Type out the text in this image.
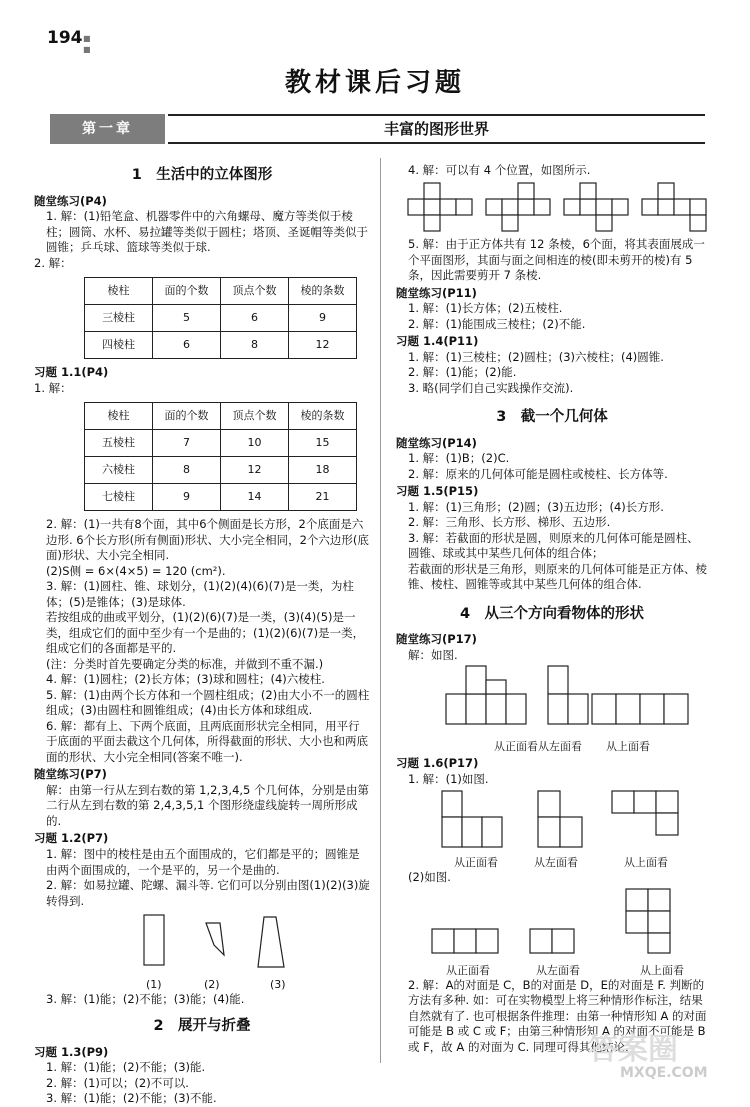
194 ■
■
教材课后习题
第一章	丰富的图形世界
1　生活中的立体图形

随堂练习(P4)

1. 解：(1)铅笔盒、机器零件中的六角螺母、魔方等类似于棱柱；圆筒、水杯、易拉罐等类似于圆柱；塔顶、圣诞帽等类似于圆锥；乒乓球、篮球等类似于球.

2. 解：

棱柱	面的个数	顶点个数	棱的条数
三棱柱	5	6	9
四棱柱	6	8	12

习题 1.1(P4)

1. 解：

棱柱	面的个数	顶点个数	棱的条数
五棱柱	7	10	15
六棱柱	8	12	18
七棱柱	9	14	21

2. 解：(1)一共有8个面，其中6个侧面是长方形，2个底面是六边形. 6个长方形(所有侧面)形状、大小完全相同，2个六边形(底面)形状、大小完全相同.

(2)S侧 = 6×(4×5) = 120 (cm²).

3. 解：(1)圆柱、锥、球划分，(1)(2)(4)(6)(7)是一类，为柱体；(5)是锥体；(3)是球体.

若按组成的曲或平划分，(1)(2)(6)(7)是一类，(3)(4)(5)是一类，组成它们的面中至少有一个是曲的；(1)(2)(6)(7)是一类，组成它们的各面都是平的.

(注：分类时首先要确定分类的标准，并做到不重不漏.)

4. 解：(1)圆柱；(2)长方体；(3)球和圆柱；(4)六棱柱.

5. 解：(1)由两个长方体和一个圆柱组成；(2)由大小不一的圆柱组成；(3)由圆柱和圆锥组成；(4)由长方体和球组成.

6. 解：都有上、下两个底面，且两底面形状完全相同，用平行于底面的平面去截这个几何体，所得截面的形状、大小也和两底面的形状、大小完全相同(答案不唯一).

随堂练习(P7)

解：由第一行从左到右数的第 1,2,3,4,5 个几何体，分别是由第二行从左到右数的第 2,4,3,5,1 个图形绕虚线旋转一周所形成的.

习题 1.2(P7)

1. 解：图中的棱柱是由五个面围成的，它们都是平的；圆锥是由两个面围成的，一个是平的，另一个是曲的.

2. 解：如易拉罐、陀螺、漏斗等. 它们可以分别由图(1)(2)(3)旋转得到.

(1)	(2)	(3)

3. 解：(1)能；(2)不能；(3)能；(4)能.

2　展开与折叠

习题 1.3(P9)

1. 解：(1)能；(2)不能；(3)能.

2. 解：(1)可以；(2)不可以.

3. 解：(1)能；(2)不能；(3)不能.

4. 解：可以有 4 个位置，如图所示.

5. 解：由于正方体共有 12 条棱，6个面，将其表面展成一个平面图形，其面与面之间相连的棱(即未剪开的棱)有 5 条，因此需要剪开 7 条棱.

随堂练习(P11)

1. 解：(1)长方体；(2)五棱柱.

2. 解：(1)能围成三棱柱；(2)不能.

习题 1.4(P11)

1. 解：(1)三棱柱；(2)圆柱；(3)六棱柱；(4)圆锥.

2. 解：(1)能；(2)能.

3. 略(同学们自己实践操作交流).

3　截一个几何体

随堂练习(P14)

1. 解：(1)B；(2)C.

2. 解：原来的几何体可能是圆柱或棱柱、长方体等.

习题 1.5(P15)

1. 解：(1)三角形；(2)圆；(3)五边形；(4)长方形.

2. 解：三角形、长方形、梯形、五边形.

3. 解：若截面的形状是圆，则原来的几何体可能是圆柱、圆锥、球或其中某些几何体的组合体；

若截面的形状是三角形，则原来的几何体可能是正方体、棱锥、棱柱、圆锥等或其中某些几何体的组合体.

4　从三个方向看物体的形状

随堂练习(P17)

解：如图.

从正面看 从左面看 从上面看

习题 1.6(P17)

1. 解：(1)如图.

从正面看	从左面看	从上面看

(2)如图.

从正面看	从左面看	从上面看

2. 解：A的对面是 C，B的对面是 D，E的对面是 F. 判断的方法有多种. 如：可在实物模型上将三种情形作标注，结果自然就有了. 也可根据条件推理：由第一种情形知 A 的对面可能是 B 或 C 或 F；由第三种情形知 A 的对面不可能是 B 或 F，故 A 的对面为 C. 同理可得其他结论.

答案圈
MXQE.COM
